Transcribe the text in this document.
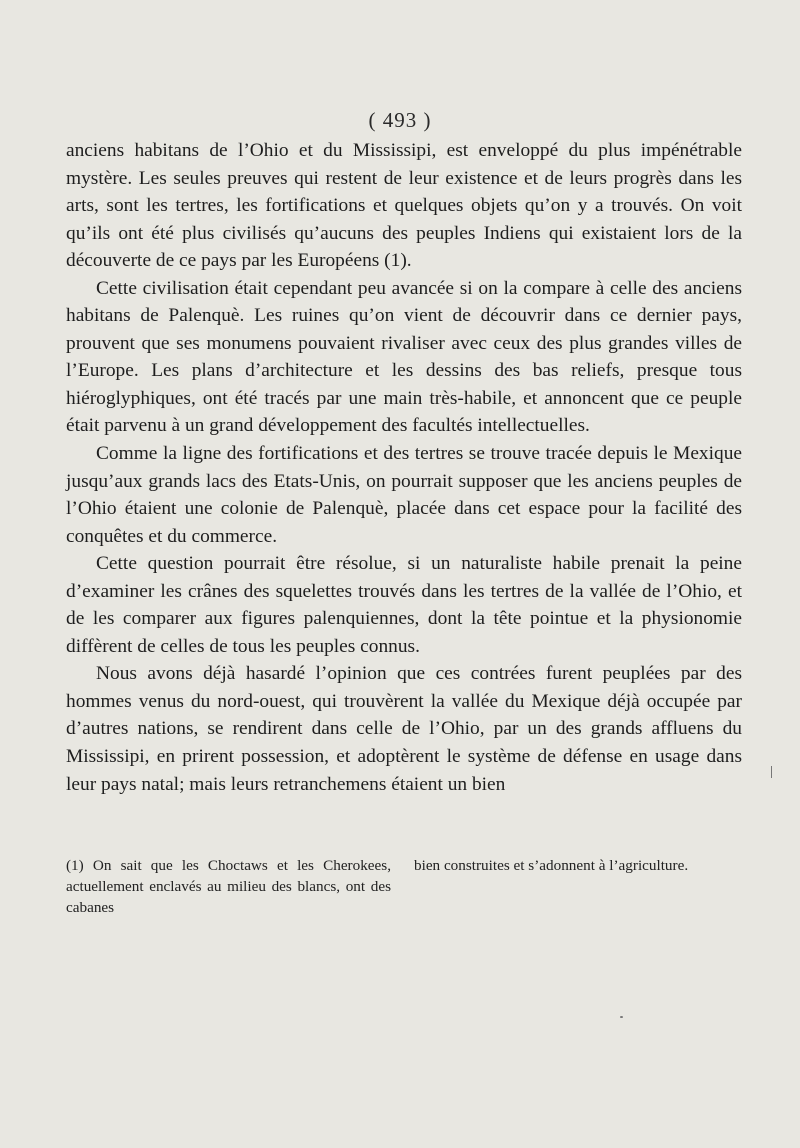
( 493 )

anciens habitans de l’Ohio et du Mississipi, est enveloppé du plus impénétrable mystère. Les seules preuves qui restent de leur existence et de leurs progrès dans les arts, sont les tertres, les fortifications et quelques objets qu’on y a trouvés. On voit qu’ils ont été plus civilisés qu’aucuns des peuples Indiens qui existaient lors de la découverte de ce pays par les Européens (1).

Cette civilisation était cependant peu avancée si on la compare à celle des anciens habitans de Palenquè. Les ruines qu’on vient de découvrir dans ce dernier pays, prouvent que ses monumens pouvaient rivaliser avec ceux des plus grandes villes de l’Europe. Les plans d’architecture et les dessins des bas reliefs, presque tous hiéroglyphiques, ont été tracés par une main très-habile, et annoncent que ce peuple était parvenu à un grand développement des facultés intellectuelles.

Comme la ligne des fortifications et des tertres se trouve tracée depuis le Mexique jusqu’aux grands lacs des Etats-Unis, on pourrait supposer que les anciens peuples de l’Ohio étaient une colonie de Palenquè, placée dans cet espace pour la facilité des conquêtes et du commerce.

Cette question pourrait être résolue, si un naturaliste habile prenait la peine d’examiner les crânes des squelettes trouvés dans les tertres de la vallée de l’Ohio, et de les comparer aux figures palenquiennes, dont la tête pointue et la physionomie diffèrent de celles de tous les peuples connus.

Nous avons déjà hasardé l’opinion que ces contrées furent peuplées par des hommes venus du nord-ouest, qui trouvèrent la vallée du Mexique déjà occupée par d’autres nations, se rendirent dans celle de l’Ohio, par un des grands affluens du Mississipi, en prirent possession, et adoptèrent le système de défense en usage dans leur pays natal; mais leurs retranchemens étaient un bien

(1) On sait que les Choctaws et les Cherokees, actuellement enclavés au milieu des blancs, ont des cabanes
bien construites et s’adonnent à l’agriculture.
